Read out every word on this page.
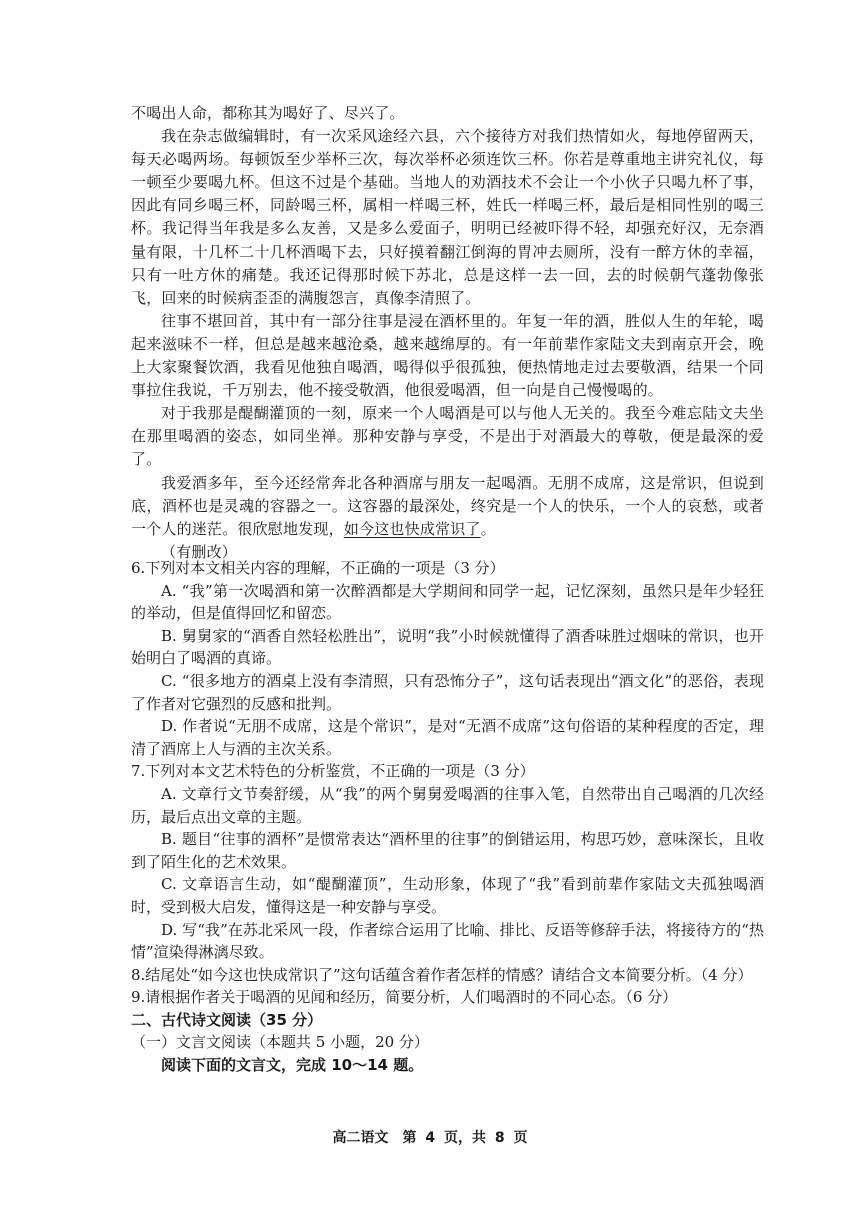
不喝出人命，都称其为喝好了、尽兴了。

我在杂志做编辑时，有一次采风途经六县，六个接待方对我们热情如火，每地停留两天，每天必喝两场。每顿饭至少举杯三次，每次举杯必须连饮三杯。你若是尊重地主讲究礼仪，每一顿至少要喝九杯。但这不过是个基础。当地人的劝酒技术不会让一个小伙子只喝九杯了事，因此有同乡喝三杯，同龄喝三杯，属相一样喝三杯，姓氏一样喝三杯，最后是相同性别的喝三杯。我记得当年我是多么友善，又是多么爱面子，明明已经被吓得不轻，却强充好汉，无奈酒量有限，十几杯二十几杯酒喝下去，只好摸着翻江倒海的胃冲去厕所，没有一醉方休的幸福，只有一吐方休的痛楚。我还记得那时候下苏北，总是这样一去一回，去的时候朝气蓬勃像张飞，回来的时候病歪歪的满腹怨言，真像李清照了。

往事不堪回首，其中有一部分往事是浸在酒杯里的。年复一年的酒，胜似人生的年轮，喝起来滋味不一样，但总是越来越沧桑，越来越绵厚的。有一年前辈作家陆文夫到南京开会，晚上大家聚餐饮酒，我看见他独自喝酒，喝得似乎很孤独，便热情地走过去要敬酒，结果一个同事拉住我说，千万别去，他不接受敬酒，他很爱喝酒，但一向是自己慢慢喝的。

对于我那是醍醐灌顶的一刻，原来一个人喝酒是可以与他人无关的。我至今难忘陆文夫坐在那里喝酒的姿态，如同坐禅。那种安静与享受，不是出于对酒最大的尊敬，便是最深的爱了。

我爱酒多年，至今还经常奔北各种酒席与朋友一起喝酒。无朋不成席，这是常识，但说到底，酒杯也是灵魂的容器之一。这容器的最深处，终究是一个人的快乐，一个人的哀愁，或者一个人的迷茫。很欣慰地发现，如今这也快成常识了。

（有删改）

6.下列对本文相关内容的理解，不正确的一项是（3 分）

A. “我”第一次喝酒和第一次醉酒都是大学期间和同学一起，记忆深刻，虽然只是年少轻狂的举动，但是值得回忆和留恋。

B. 舅舅家的“酒香自然轻松胜出”，说明“我”小时候就懂得了酒香味胜过烟味的常识，也开始明白了喝酒的真谛。

C. “很多地方的酒桌上没有李清照，只有恐怖分子”，这句话表现出“酒文化”的恶俗，表现了作者对它强烈的反感和批判。

D. 作者说“无朋不成席，这是个常识”，是对“无酒不成席”这句俗语的某种程度的否定，理清了酒席上人与酒的主次关系。

7.下列对本文艺术特色的分析鉴赏，不正确的一项是（3 分）

A. 文章行文节奏舒缓，从“我”的两个舅舅爱喝酒的往事入笔，自然带出自己喝酒的几次经历，最后点出文章的主题。

B. 题目“往事的酒杯”是惯常表达“酒杯里的往事”的倒错运用，构思巧妙，意味深长，且收到了陌生化的艺术效果。

C. 文章语言生动，如“醍醐灌顶”，生动形象，体现了“我”看到前辈作家陆文夫孤独喝酒时，受到极大启发，懂得这是一种安静与享受。

D. 写“我”在苏北采风一段，作者综合运用了比喻、排比、反语等修辞手法，将接待方的“热情”渲染得淋漓尽致。

8.结尾处“如今这也快成常识了”这句话蕴含着作者怎样的情感？请结合文本简要分析。（4 分）

9.请根据作者关于喝酒的见闻和经历，简要分析，人们喝酒时的不同心态。（6 分）

二、古代诗文阅读（35 分）

（一）文言文阅读（本题共 5 小题，20 分）

阅读下面的文言文，完成 10～14 题。

高二语文　第 4 页，共 8 页
